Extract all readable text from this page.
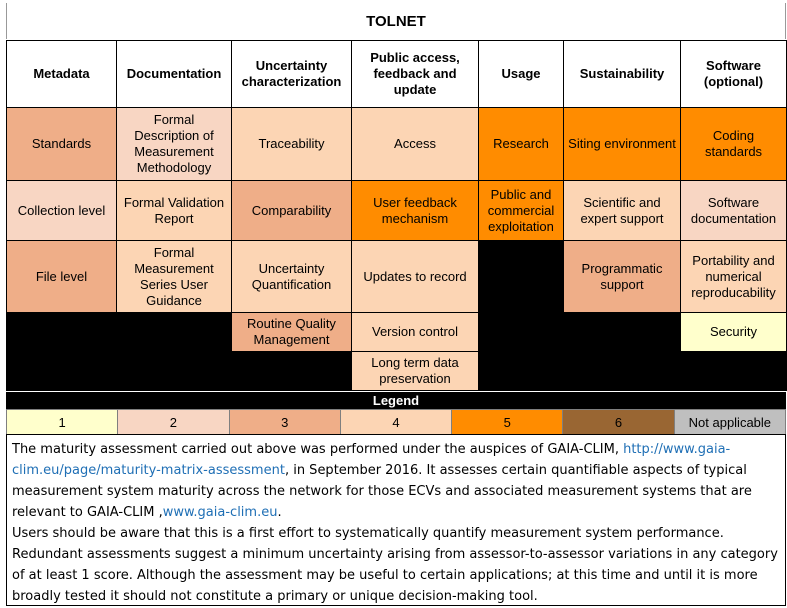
TOLNET
Metadata	Documentation	Uncertainty characterization	Public access, feedback and update	Usage	Sustainability	Software (optional)
Standards	Formal Description of Measurement Methodology	Traceability	Access	Research	Siting environment	Coding standards
Collection level	Formal Validation Report	Comparability	User feedback mechanism	Public and commercial exploitation	Scientific and expert support	Software documentation
File level	Formal Measurement Series User Guidance	Uncertainty Quantification	Updates to record		Programmatic support	Portability and numerical reproducability
		Routine Quality Management	Version control			Security
			Long term data preservation			
Legend
1	2	3	4	5	6	Not applicable

The maturity assessment carried out above was performed under the auspices of GAIA-CLIM, http://www.gaia-clim.eu/page/maturity-matrix-assessment, in September 2016. It assesses certain quantifiable aspects of typical measurement system maturity across the network for those ECVs and associated measurement systems that are relevant to GAIA-CLIM ,www.gaia-clim.eu.

Users should be aware that this is a first effort to systematically quantify measurement system performance. Redundant assessments suggest a minimum uncertainty arising from assessor-to-assessor variations in any category of at least 1 score. Although the assessment may be useful to certain applications; at this time and until it is more broadly tested it should not constitute a primary or unique decision-making tool.
